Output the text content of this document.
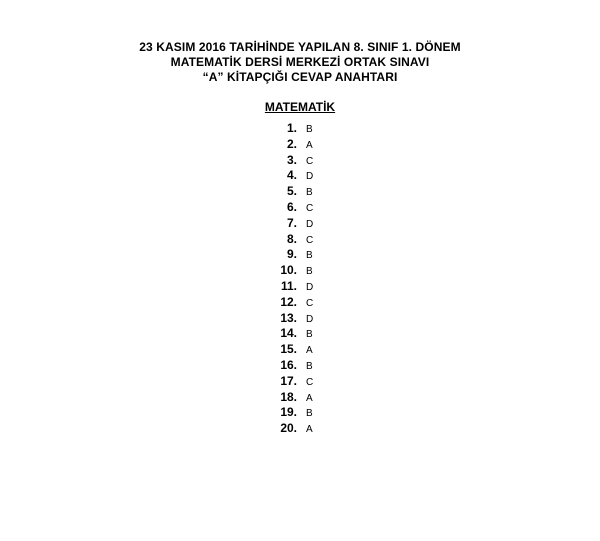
23 KASIM 2016 TARİHİNDE YAPILAN 8. SINIF 1. DÖNEM
MATEMATİK DERSİ MERKEZİ ORTAK SINAVI
“A” KİTAPÇIĞI CEVAP ANAHTARI
MATEMATİK
1. B
2. A
3. C
4. D
5. B
6. C
7. D
8. C
9. B
10. B
11. D
12. C
13. D
14. B
15. A
16. B
17. C
18. A
19. B
20. A
